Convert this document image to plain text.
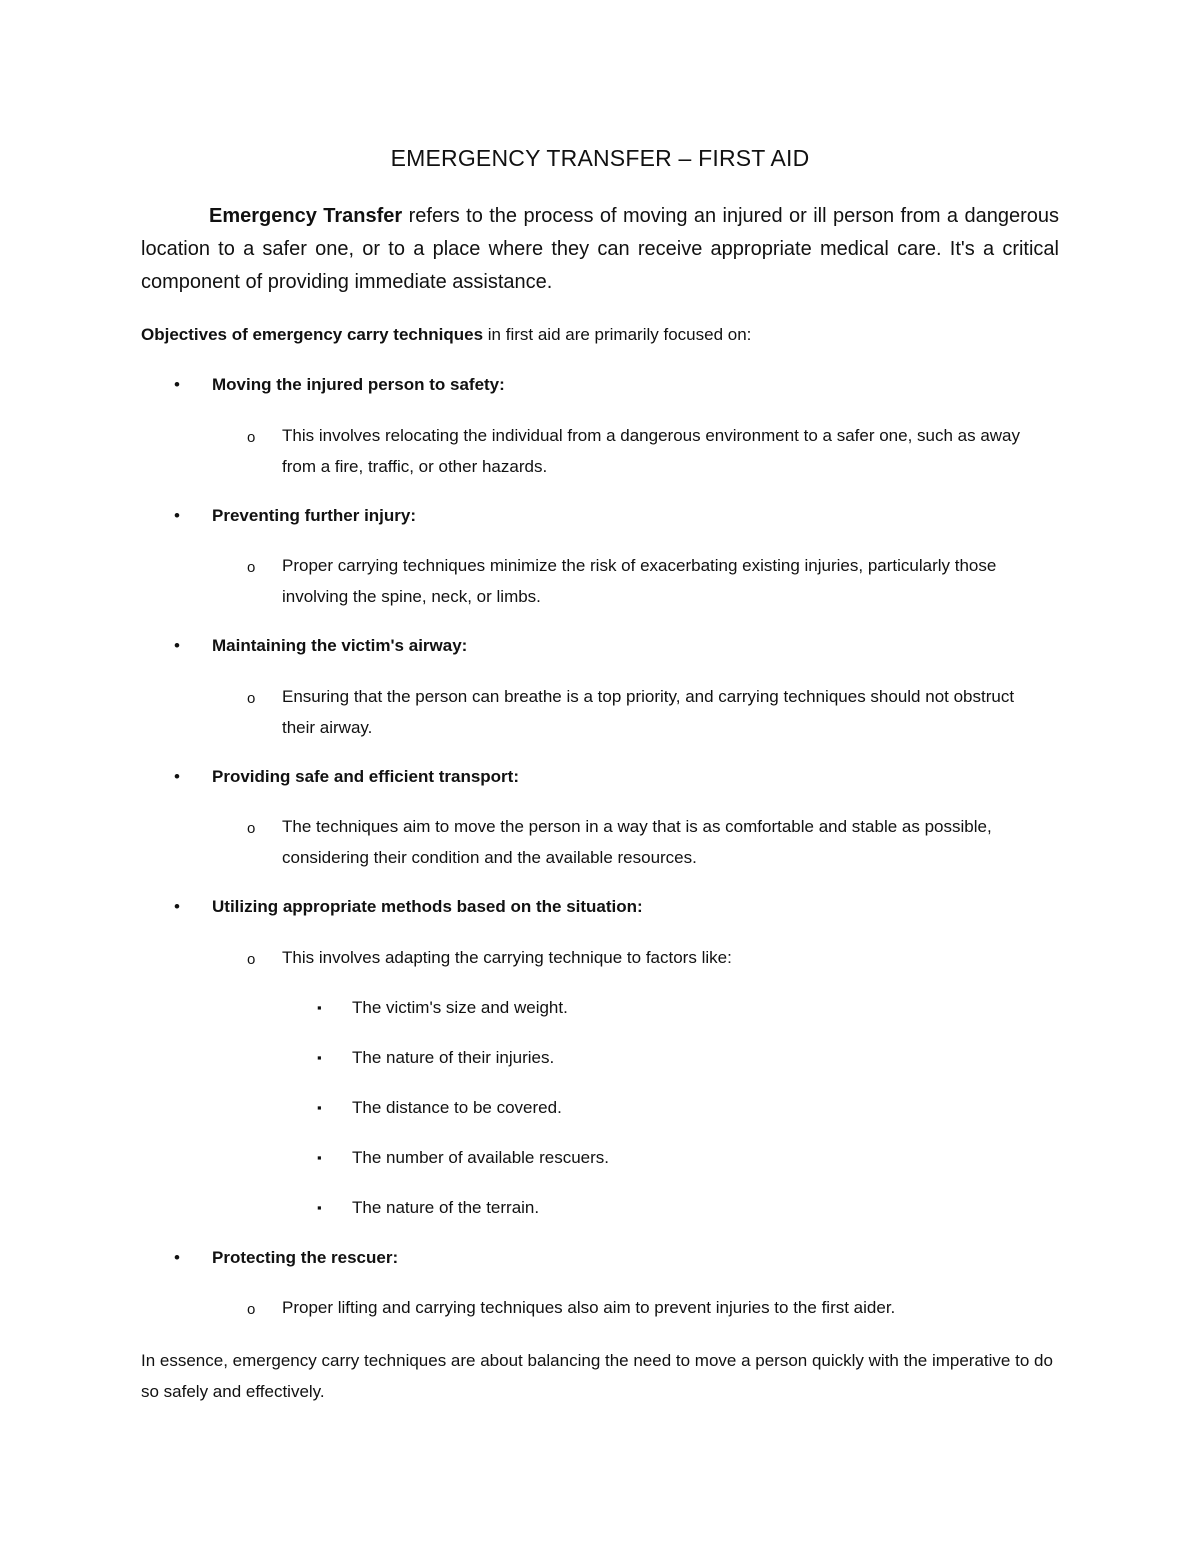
EMERGENCY TRANSFER – FIRST AID

Emergency Transfer refers to the process of moving an injured or ill person from a dangerous location to a safer one, or to a place where they can receive appropriate medical care. It's a critical component of providing immediate assistance.

Objectives of emergency carry techniques in first aid are primarily focused on:

• Moving the injured person to safety:
o This involves relocating the individual from a dangerous environment to a safer one, such as away from a fire, traffic, or other hazards.
• Preventing further injury:
o Proper carrying techniques minimize the risk of exacerbating existing injuries, particularly those involving the spine, neck, or limbs.
• Maintaining the victim's airway:
o Ensuring that the person can breathe is a top priority, and carrying techniques should not obstruct their airway.
• Providing safe and efficient transport:
o The techniques aim to move the person in a way that is as comfortable and stable as possible, considering their condition and the available resources.
• Utilizing appropriate methods based on the situation:
o This involves adapting the carrying technique to factors like:
▪ The victim's size and weight.
▪ The nature of their injuries.
▪ The distance to be covered.
▪ The number of available rescuers.
▪ The nature of the terrain.
• Protecting the rescuer:
o Proper lifting and carrying techniques also aim to prevent injuries to the first aider.

In essence, emergency carry techniques are about balancing the need to move a person quickly with the imperative to do so safely and effectively.
